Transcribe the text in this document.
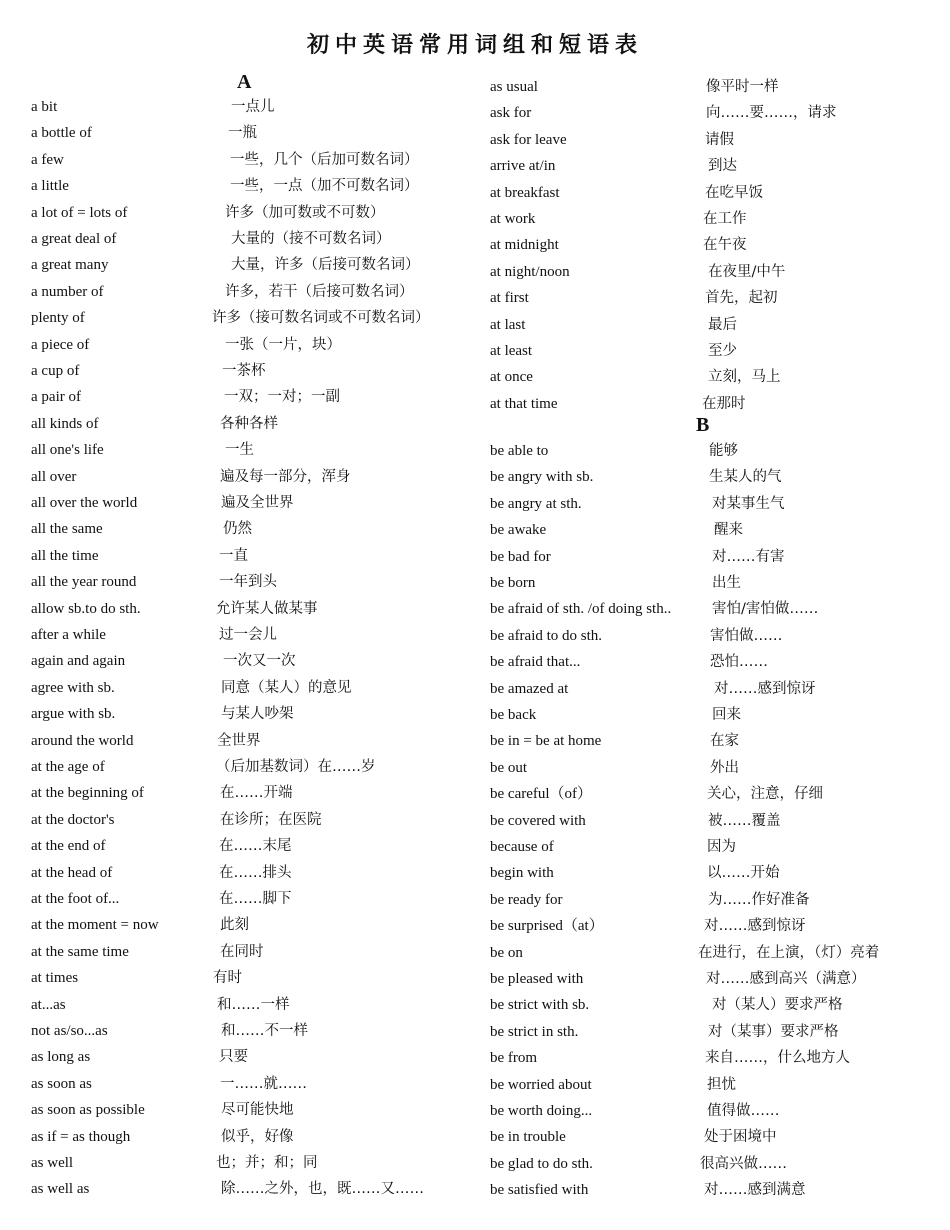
初中英语常用词组和短语表
A
a bit	一点儿
a bottle of	一瓶
a few	一些，几个（后加可数名词）
a little	一些，一点（加不可数名词）
a lot of = lots of	许多（加可数或不可数）
a great deal of	大量的（接不可数名词）
a great many	大量，许多（后接可数名词）
a number of	许多，若干（后接可数名词）
plenty of	许多（接可数名词或不可数名词）
a piece of	一张（一片，块）
a cup of	一茶杯
a pair of	一双；一对；一副
all kinds of	各种各样
all one's life	一生
all over	遍及每一部分，浑身
all over the world	遍及全世界
all the same	仍然
all the time	一直
all the year round	一年到头
allow sb.to do sth.	允许某人做某事
after a while	过一会儿
again and again	一次又一次
agree with sb.	同意（某人）的意见
argue with sb.	与某人吵架
around the world	全世界
at the age of	（后加基数词）在……岁
at the beginning of	在……开端
at the doctor's	在诊所；在医院
at the end of	在……末尾
at the head of	在……排头
at the foot of...	在……脚下
at the moment = now	此刻
at the same time	在同时
at times	有时
at...as	和……一样
not as/so...as	和……不一样
as long as	只要
as soon as	一……就……
as soon as possible	尽可能快地
as if = as though	似乎，好像
as well	也；并；和；同
as well as	除……之外，也，既……又……
B
as usual	像平时一样
ask for	向……要……，请求
ask for leave	请假
arrive at/in	到达
at breakfast	在吃早饭
at work	在工作
at midnight	在午夜
at night/noon	在夜里/中午
at first	首先，起初
at last	最后
at least	至少
at once	立刻，马上
at that time	在那时
be able to	能够
be angry with sb.	生某人的气
be angry at sth.	对某事生气
be awake	醒来
be bad for	对……有害
be born	出生
be afraid of sth. /of doing sth..	害怕/害怕做……
be afraid to do sth.	害怕做……
be afraid that...	恐怕……
be amazed at	对……感到惊讶
be back	回来
be in = be at home	在家
be out	外出
be careful（of）	关心，注意，仔细
be covered with	被……覆盖
because of	因为
begin with	以……开始
be ready for	为……作好准备
be surprised（at）	对……感到惊讶
be on	在进行，在上演，（灯）亮着
be pleased with	对……感到高兴（满意）
be strict with sb.	对（某人）要求严格
be strict in sth.	对（某事）要求严格
be from	来自……，什么地方人
be worried about	担忧
be worth doing...	值得做……
be in trouble	处于困境中
be glad to do sth.	很高兴做……
be satisfied with	对……感到满意
